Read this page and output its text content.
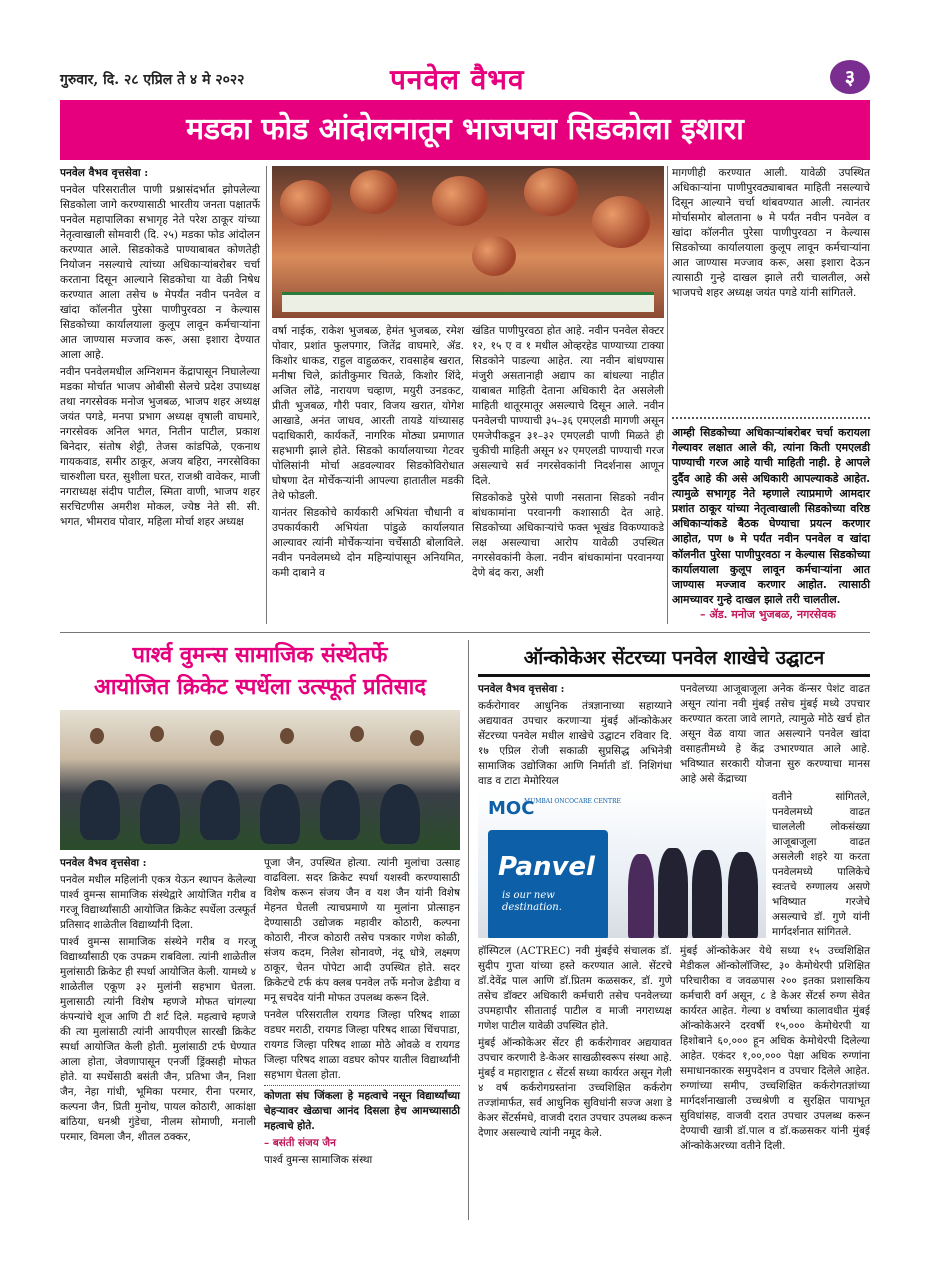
गुरुवार, दि. २८ एप्रिल ते ४ मे २०२२	पनवेल वैभव	३
मडका फोड आंदोलनातून भाजपचा सिडकोला इशारा

पनवेल वैभव वृत्तसेवा :

पनवेल परिसरातील पाणी प्रश्नासंदर्भात झोपलेल्या सिडकोला जागे करण्यासाठी भारतीय जनता पक्षातर्फे पनवेल महापालिका सभागृह नेते परेश ठाकूर यांच्या नेतृत्वाखाली सोमवारी (दि. २५) मडका फोड आंदोलन करण्यात आले. सिडकोकडे पाण्याबाबत कोणतेही नियोजन नसल्याचे त्यांच्या अधिकाऱ्यांबरोबर चर्चा करताना दिसून आल्याने सिडकोचा या वेळी निषेध करण्यात आला तसेच ७ मेपर्यंत नवीन पनवेल व खांदा कॉलनीत पुरेसा पाणीपुरवठा न केल्यास सिडकोच्या कार्यालयाला कुलूप लावून कर्मचाऱ्यांना आत जाण्यास मज्जाव करू, असा इशारा देण्यात आला आहे.

नवीन पनवेलमधील अग्निशमन केंद्रापासून निघालेल्या मडका मोर्चात भाजप ओबीसी सेलचे प्रदेश उपाध्यक्ष तथा नगरसेवक मनोज भुजबळ, भाजप शहर अध्यक्ष जयंत पगडे, मनपा प्रभाग अध्यक्ष वृषाली वाघमारे, नगरसेवक अनिल भगत, नितीन पाटील, प्रकाश बिनेदार, संतोष शेट्टी, तेजस कांडपिळे, एकनाथ गायकवाड, समीर ठाकूर, अजय बहिरा, नगरसेविका चारुशीला घरत, सुशीला घरत, राजश्री वावेकर, माजी नगराध्यक्ष संदीप पाटील, स्मिता वाणी, भाजप शहर सरचिटणीस अमरीश मोकल, ज्येष्ठ नेते सी. सी. भगत, भीमराव पोवार, महिला मोर्चा शहर अध्यक्ष

वर्षा नाईक, राकेश भुजबळ, हेमंत भुजबळ, रमेश पोवार, प्रशांत फुलपगार, जितेंद्र वाघमारे, ॲड. किशोर धाकड, राहुल वाहुळकर, रावसाहेब खरात, मनीषा चिले, क्रांतीकुमार चितळे, किशोर शिंदे, अजित लोंढे, नारायण चव्हाण, मयुरी उनडकट, प्रीती भुजबळ, गौरी पवार, विजय खरात, योगेश आखाडे, अनंत जाधव, आरती तायडे यांच्यासह पदाधिकारी, कार्यकर्ते, नागरिक मोठ्या प्रमाणात सहभागी झाले होते. सिडको कार्यालयाच्या गेटवर पोलिसांनी मोर्चा अडवल्यावर सिडकोविरोधात घोषणा देत मोर्चेकऱ्यांनी आपल्या हातातील मडकी तेथे फोडली.

यानंतर सिडकोचे कार्यकारी अभियंता चौधानी व उपकार्यकारी अभियंता पांडुळे कार्यालयात आल्यावर त्यांनी मोर्चेकऱ्यांना चर्चेसाठी बोलाविले. नवीन पनवेलमध्ये दोन महिन्यांपासून अनियमित, कमी दाबाने व

खंडित पाणीपुरवठा होत आहे. नवीन पनवेल सेक्टर १२, १५ ए व १ मधील ओव्हरहेड पाण्याच्या टाक्या सिडकोने पाडल्या आहेत. त्या नवीन बांधण्यास मंजुरी असतानाही अद्याप का बांधल्या नाहीत याबाबत माहिती देताना अधिकारी देत असलेली माहिती थातूरमातूर असल्याचे दिसून आले. नवीन पनवेलची पाण्याची ३५–३६ एमएलडी मागणी असून एमजेपीकडून ३१–३२ एमएलडी पाणी मिळते ही चुकीची माहिती असून ४२ एमएलडी पाण्याची गरज असल्याचे सर्व नगरसेवकांनी निदर्शनास आणून दिले.

सिडकोकडे पुरेसे पाणी नसताना सिडको नवीन बांधकामांना परवानगी कशासाठी देत आहे. सिडकोच्या अधिकाऱ्यांचे फक्त भूखंड विकण्याकडे लक्ष असल्याचा आरोप यावेळी उपस्थित नगरसेवकांनी केला. नवीन बांधकामांना परवानग्या देणे बंद करा, अशी

मागणीही करण्यात आली. यावेळी उपस्थित अधिकाऱ्यांना पाणीपुरवठ्याबाबत माहिती नसल्याचे दिसून आल्याने चर्चा थांबवण्यात आली. त्यानंतर मोर्चासमोर बोलताना ७ मे पर्यंत नवीन पनवेल व खांदा कॉलनीत पुरेसा पाणीपुरवठा न केल्यास सिडकोच्या कार्यालयाला कुलूप लावून कर्मचाऱ्यांना आत जाण्यास मज्जाव करू, असा इशारा देऊन त्यासाठी गुन्हे दाखल झाले तरी चालतील, असे भाजपचे शहर अध्यक्ष जयंत पगडे यांनी सांगितले.

आम्ही सिडकोच्या अधिकाऱ्यांबरोबर चर्चा करायला गेल्यावर लक्षात आले की, त्यांना किती एमएलडी पाण्याची गरज आहे याची माहिती नाही. हे आपले दुर्दैव आहे की असे अधिकारी आपल्याकडे आहेत. त्यामुळे सभागृह नेते म्हणाले त्याप्रमाणे आमदार प्रशांत ठाकूर यांच्या नेतृत्वाखाली सिडकोच्या वरिष्ठ अधिकाऱ्यांकडे बैठक घेण्याचा प्रयत्न करणार आहोत, पण ७ मे पर्यंत नवीन पनवेल व खांदा कॉलनीत पुरेसा पाणीपुरवठा न केल्यास सिडकोच्या कार्यालयाला कुलूप लावून कर्मचाऱ्यांना आत जाण्यास मज्जाव करणार आहोत. त्यासाठी आमच्यावर गुन्हे दाखल झाले तरी चालतील.
– ॲड. मनोज भुजबळ, नगरसेवक
पार्श्व वुमन्स सामाजिक संस्थेतर्फे
आयोजित क्रिकेट स्पर्धेला उत्स्फूर्त प्रतिसाद

पनवेल वैभव वृत्तसेवा :

पनवेल मधील महिलांनी एकत्र येऊन स्थापन केलेल्या पार्श्व वुमन्स सामाजिक संस्थेद्वारे आयोजित गरीब व गरजू विद्यार्थ्यांसाठी आयोजित क्रिकेट स्पर्धेला उत्स्फूर्त प्रतिसाद शाळेतील विद्यार्थ्यांनी दिला.

पार्श्व वुमन्स सामाजिक संस्थेने गरीब व गरजू विद्यार्थ्यांसाठी एक उपक्रम राबविला. त्यांनी शाळेतील मुलांसाठी क्रिकेट ही स्पर्धा आयोजित केली. यामध्ये ४ शाळेतील एकूण ३२ मुलांनी सहभाग घेतला. मुलासाठी त्यांनी विशेष म्हणजे मोफत चांगल्या कंपन्यांचे शूज आणि टी शर्ट दिले. महत्वाचे म्हणजे की त्या मुलांसाठी त्यांनी आयपीएल सारखी क्रिकेट स्पर्धा आयोजित केली होती. मुलांसाठी टर्फ घेण्यात आला होता, जेवणापासून एनर्जी ड्रिंक्सही मोफत होते. या स्पर्धेसाठी बसंती जैन, प्रतिभा जैन, निशा जैन, नेहा गांधी, भूमिका परमार, रीना परमार, कल्पना जैन, प्रिती मुनोथ, पायल कोठारी, आकांक्षा बांठिया, धनश्री गुंडेचा, नीलम सोमाणी, मनाली परमार, विमला जैन, शीतल ठक्कर,

पूजा जैन, उपस्थित होत्या. त्यांनी मुलांचा उत्साह वाढविला. सदर क्रिकेट स्पर्धा यशस्वी करण्यासाठी विशेष करून संजय जैन व यश जैन यांनी विशेष मेहनत घेतली त्याचप्रमाणे या मुलांना प्रोत्साहन देण्यासाठी उद्योजक महावीर कोठारी, कल्पना कोठारी, नीरज कोठारी तसेच पत्रकार गणेश कोळी, संजय कदम, निलेश सोनावणे, नंदू धोत्रे, लक्ष्मण ठाकूर, चेतन पोपेटा आदी उपस्थित होते. सदर क्रिकेटचे टर्फ कंप क्लब पनवेल तर्फे मनोज ढेडीया व मनू सचदेव यांनी मोफत उपलब्ध करून दिले.

पनवेल परिसरातील रायगड जिल्हा परिषद शाळा वडघर मराठी, रायगड जिल्हा परिषद शाळा चिंचपाडा, रायगड जिल्हा परिषद शाळा मोठे ओवळे व रायगड जिल्हा परिषद शाळा वडघर कोपर यातील विद्यार्थ्यांनी सहभाग घेतला होता.

कोणता संघ जिंकला हे महत्वाचे नसून विद्यार्थ्यांच्या चेहऱ्यावर खेळाचा आनंद दिसला हेच आमच्यासाठी महत्वाचे होते.

– बसंती संजय जैन

पार्श्व वुमन्स सामाजिक संस्था

ऑन्कोकेअर सेंटरच्या पनवेल शाखेचे उद्घाटन

पनवेल वैभव वृत्तसेवा :

कर्करोगावर आधुनिक तंत्रज्ञानाच्या सहाय्याने अद्ययावत उपचार करणाऱ्या मुंबई ऑन्कोकेअर सेंटरच्या पनवेल मधील शाखेचे उद्घाटन रविवार दि. १७ एप्रिल रोजी सकाळी सुप्रसिद्ध अभिनेत्री सामाजिक उद्योजिका आणि निर्माती डॉ. निशिगंधा वाड व टाटा मेमोरियल

पनवेलच्या आजूबाजूला अनेक कॅन्सर पेशंट वाढत असून त्यांना नवी मुंबई तसेच मुंबई मध्ये उपचार करण्यात करता जावे लागते, त्यामुळे मोठे खर्च होत असून वेळ वाया जात असल्याने पनवेल खांदा वसाहतीमध्ये हे केंद्र उभारण्यात आले आहे. भविष्यात सरकारी योजना सुरु करण्याचा मानस आहे असे केंद्राच्या

MOC
MUMBAI ONCOCARE CENTRE
Panvel
is our new destination.

वतीने सांगितले, पनवेलमध्ये वाढत चाललेली लोकसंख्या आजूबाजूला वाढत असलेली शहरे या करता पनवेलमध्ये पालिकेचे स्वःतचे रुग्णालय असणे भविष्यात गरजेचे असल्याचे डॉ. गुणे यांनी मार्गदर्शनात सांगितले.

हॉस्पिटल (ACTREC) नवी मुंबईचे संचालक डॉ. सुदीप गुप्ता यांच्या हस्ते करण्यात आले. सेंटरचे डॉ.देवेंद्र पाल आणि डॉ.प्रितम कळसकर, डॉ. गुणे तसेच डॉक्टर अधिकारी कर्मचारी तसेच पनवेलच्या उपमहापौर सीताताई पाटील व माजी नगराध्यक्ष गणेश पाटील यावेळी उपस्थित होते.

मुंबई ऑन्कोकेअर सेंटर ही कर्करोगावर अद्ययावत उपचार करणारी डे-केअर साखळीस्वरूप संस्था आहे. मुंबई व महाराष्ट्रात ८ सेंटर्स सध्या कार्यरत असून गेली ४ वर्ष कर्करोगग्रस्तांना उच्चशिक्षित कर्करोग तज्ज्ञांमार्फत, सर्व आधुनिक सुविधांनी सज्ज अशा डे केअर सेंटर्समधे, वाजवी दरात उपचार उपलब्ध करून देणार असल्याचे त्यांनी नमूद केले.

मुंबई ऑन्कोकेअर येथे सध्या १५ उच्चशिक्षित मेडीकल ऑन्कोलॉजिस्ट, ३० केमोथेरपी प्रशिक्षित परिचारीका व जवळपास २०० इतका प्रशासकिय कर्मचारी वर्ग असून, ८ डे केअर सेंटर्स रुग्ण सेवेत कार्यरत आहेत. गेल्या ४ वर्षाच्या कालावधीत मुंबई ऑन्कोकेअरने दरवर्षी १५,००० केमोथेरपी या हिशोबाने ६०,००० हून अधिक केमोथेरपी दिलेल्या आहेत. एकंदर १,००,००० पेक्षा अधिक रुग्णांना समाधानकारक समुपदेशन व उपचार दिलेले आहेत. रुग्णांच्या समीप, उच्चशिक्षित कर्करोगतज्ञांच्या मार्गदर्शनाखाली उच्चश्रेणी व सुरक्षित पायाभूत सुविधांसह, वाजवी दरात उपचार उपलब्ध करून देण्याची खात्री डॉ.पाल व डॉ.कळसकर यांनी मुंबई ऑन्कोकेअरच्या वतीने दिली.
